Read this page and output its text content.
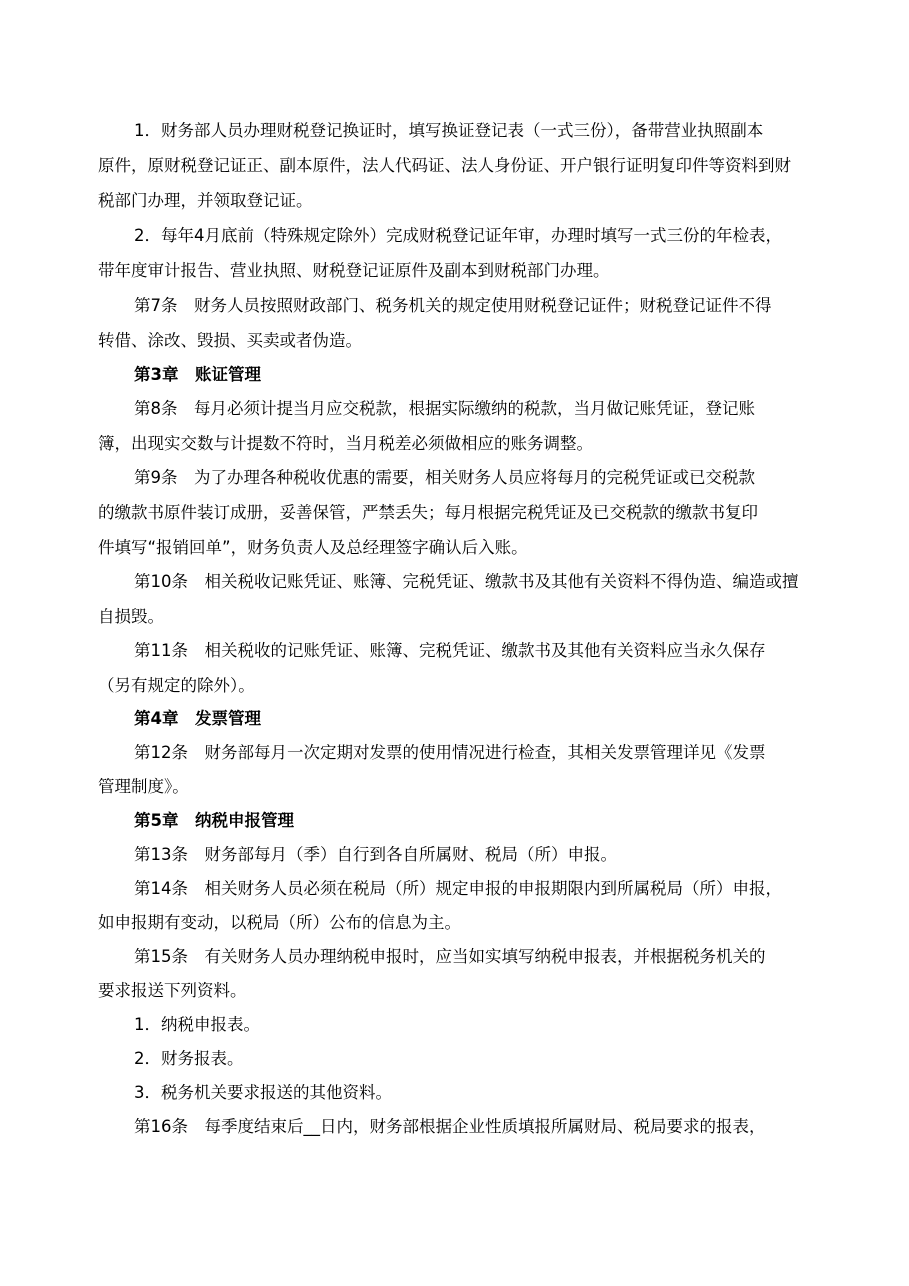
1．财务部人员办理财税登记换证时，填写换证登记表（一式三份），备带营业执照副本
原件，原财税登记证正、副本原件，法人代码证、法人身份证、开户银行证明复印件等资料到财
税部门办理，并领取登记证。
2．每年4月底前（特殊规定除外）完成财税登记证年审，办理时填写一式三份的年检表，
带年度审计报告、营业执照、财税登记证原件及副本到财税部门办理。
第7条　财务人员按照财政部门、税务机关的规定使用财税登记证件；财税登记证件不得
转借、涂改、毁损、买卖或者伪造。
第3章　账证管理
第8条　每月必须计提当月应交税款，根据实际缴纳的税款，当月做记账凭证，登记账
簿，出现实交数与计提数不符时，当月税差必须做相应的账务调整。
第9条　为了办理各种税收优惠的需要，相关财务人员应将每月的完税凭证或已交税款
的缴款书原件装订成册，妥善保管，严禁丢失；每月根据完税凭证及已交税款的缴款书复印
件填写“报销回单”，财务负责人及总经理签字确认后入账。
第10条　相关税收记账凭证、账簿、完税凭证、缴款书及其他有关资料不得伪造、编造或擅
自损毁。
第11条　相关税收的记账凭证、账簿、完税凭证、缴款书及其他有关资料应当永久保存
（另有规定的除外）。
第4章　发票管理
第12条　财务部每月一次定期对发票的使用情况进行检查，其相关发票管理详见《发票
管理制度》。
第5章　纳税申报管理
第13条　财务部每月（季）自行到各自所属财、税局（所）申报。
第14条　相关财务人员必须在税局（所）规定申报的申报期限内到所属税局（所）申报，
如申报期有变动，以税局（所）公布的信息为主。
第15条　有关财务人员办理纳税申报时，应当如实填写纳税申报表，并根据税务机关的
要求报送下列资料。
1．纳税申报表。
2．财务报表。
3．税务机关要求报送的其他资料。
第16条　每季度结束后__日内，财务部根据企业性质填报所属财局、税局要求的报表，
